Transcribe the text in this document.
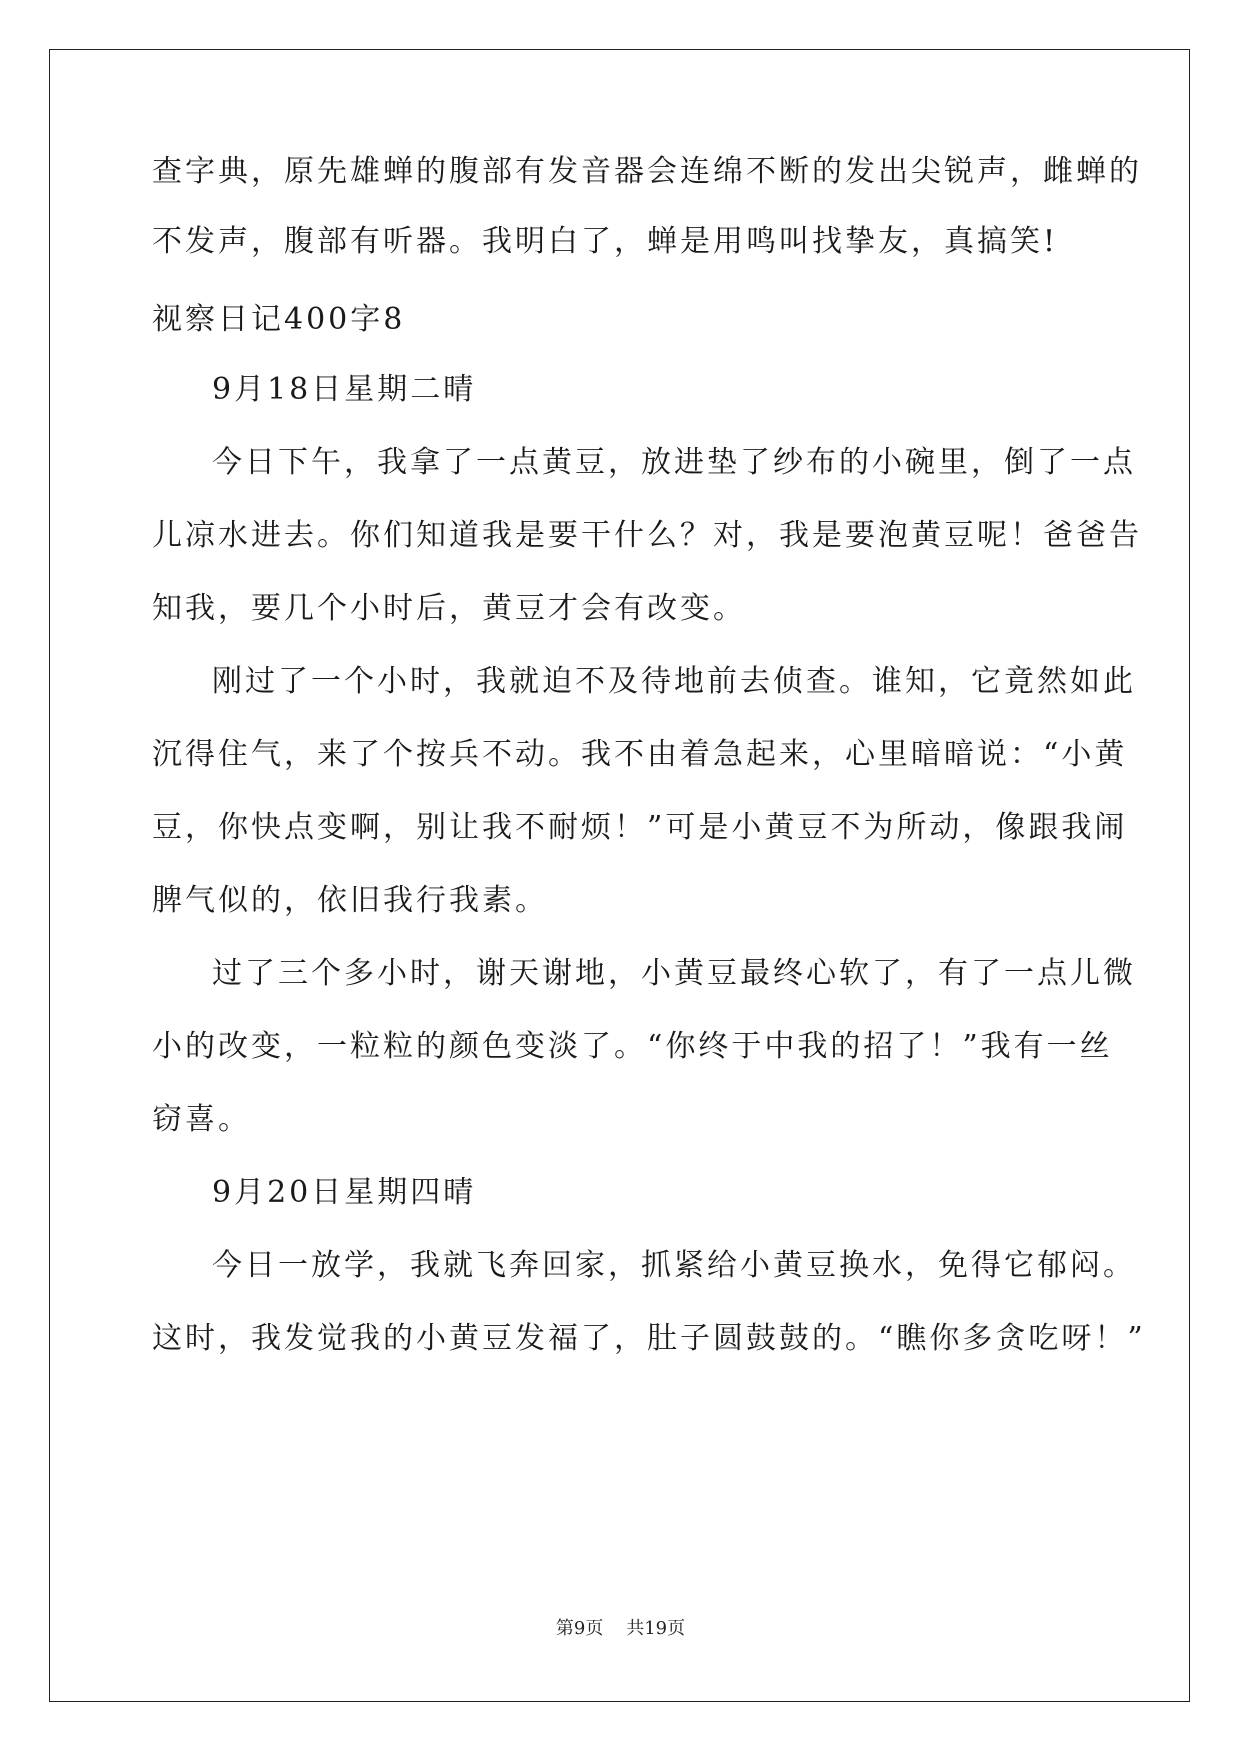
查字典，原先雄蝉的腹部有发音器会连绵不断的发出尖锐声，雌蝉的
不发声，腹部有听器。我明白了，蝉是用鸣叫找挚友，真搞笑!
视察日记400字8
9月18日星期二晴
今日下午，我拿了一点黄豆，放进垫了纱布的小碗里，倒了一点
儿凉水进去。你们知道我是要干什么？对，我是要泡黄豆呢！爸爸告
知我，要几个小时后，黄豆才会有改变。
刚过了一个小时，我就迫不及待地前去侦查。谁知，它竟然如此
沉得住气，来了个按兵不动。我不由着急起来，心里暗暗说：“小黄
豆，你快点变啊，别让我不耐烦！”可是小黄豆不为所动，像跟我闹
脾气似的，依旧我行我素。
过了三个多小时，谢天谢地，小黄豆最终心软了，有了一点儿微
小的改变，一粒粒的颜色变淡了。“你终于中我的招了！”我有一丝
窃喜。
9月20日星期四晴
今日一放学，我就飞奔回家，抓紧给小黄豆换水，免得它郁闷。
这时，我发觉我的小黄豆发福了，肚子圆鼓鼓的。“瞧你多贪吃呀！”
第9页 共19页
